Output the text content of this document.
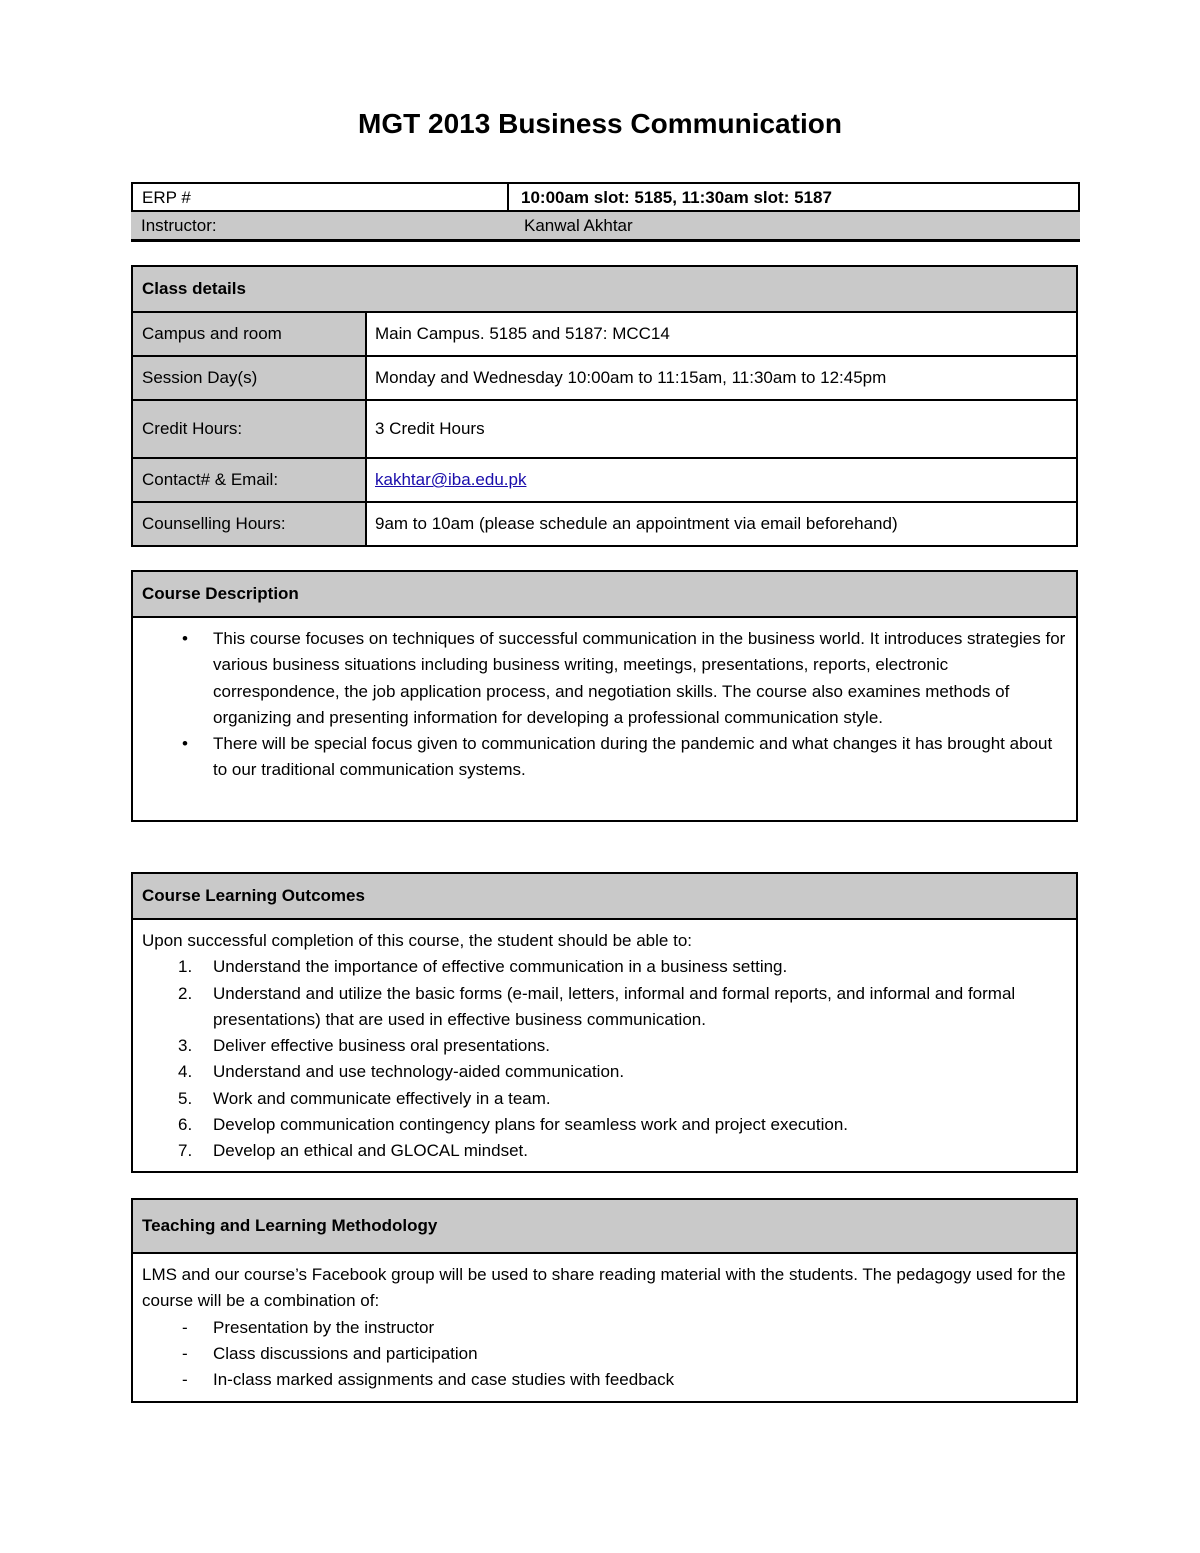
MGT 2013 Business Communication
ERP #	10:00am slot: 5185, 11:30am slot: 5187
Instructor:	Kanwal Akhtar
Class details
Campus and room	Main Campus. 5185 and 5187: MCC14
Session Day(s)	Monday and Wednesday 10:00am to 11:15am, 11:30am to 12:45pm
Credit Hours:	3 Credit Hours
Contact# & Email:	kakhtar@iba.edu.pk
Counselling Hours:	9am to 10am (please schedule an appointment via email beforehand)
Course Description
• This course focuses on techniques of successful communication in the business world. It introduces strategies for various business situations including business writing, meetings, presentations, reports, electronic correspondence, the job application process, and negotiation skills. The course also examines methods of organizing and presenting information for developing a professional communication style.
• There will be special focus given to communication during the pandemic and what changes it has brought about to our traditional communication systems.
Course Learning Outcomes
Upon successful completion of this course, the student should be able to:
1. Understand the importance of effective communication in a business setting.
2. Understand and utilize the basic forms (e-mail, letters, informal and formal reports, and informal and formal presentations) that are used in effective business communication.
3. Deliver effective business oral presentations.
4. Understand and use technology-aided communication.
5. Work and communicate effectively in a team.
6. Develop communication contingency plans for seamless work and project execution.
7. Develop an ethical and GLOCAL mindset.
Teaching and Learning Methodology
LMS and our course’s Facebook group will be used to share reading material with the students. The pedagogy used for the course will be a combination of:
- Presentation by the instructor
- Class discussions and participation
- In-class marked assignments and case studies with feedback
